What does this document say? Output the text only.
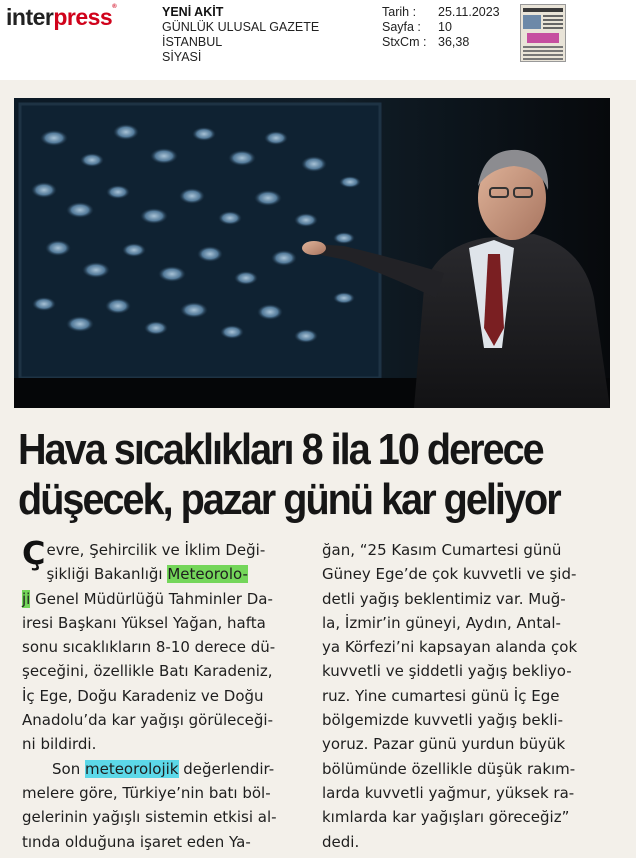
interpress®	YENİ AKİT
GÜNLÜK ULUSAL GAZETE
İSTANBUL
SİYASİ
Tarih :	25.11.2023
Sayfa :	10
StxCm : 36,38
Hava sıcaklıkları 8 ila 10 derece
düşecek, pazar günü kar geliyor
Çevre, Şehircilik ve İklim Deği-
şikliği Bakanlığı Meteorolo-
ji Genel Müdürlüğü Tahminler Da-
iresi Başkanı Yüksel Yağan, hafta
sonu sıcaklıkların 8-10 derece dü-
şeceğini, özellikle Batı Karadeniz,
İç Ege, Doğu Karadeniz ve Doğu
Anadolu’da kar yağışı görüleceği-
ni bildirdi.
Son meteorolojik değerlendir-
melere göre, Türkiye’nin batı böl-
gelerinin yağışlı sistemin etkisi al-
tında olduğuna işaret eden Ya-
ğan, “25 Kasım Cumartesi günü
Güney Ege’de çok kuvvetli ve şid-
detli yağış beklentimiz var. Muğ-
la, İzmir’in güneyi, Aydın, Antal-
ya Körfezi’ni kapsayan alanda çok
kuvvetli ve şiddetli yağış bekliyo-
ruz. Yine cumartesi günü İç Ege
bölgemizde kuvvetli yağış bekli-
yoruz. Pazar günü yurdun büyük
bölümünde özellikle düşük rakım-
larda kuvvetli yağmur, yüksek ra-
kımlarda kar yağışları göreceğiz”
dedi.
